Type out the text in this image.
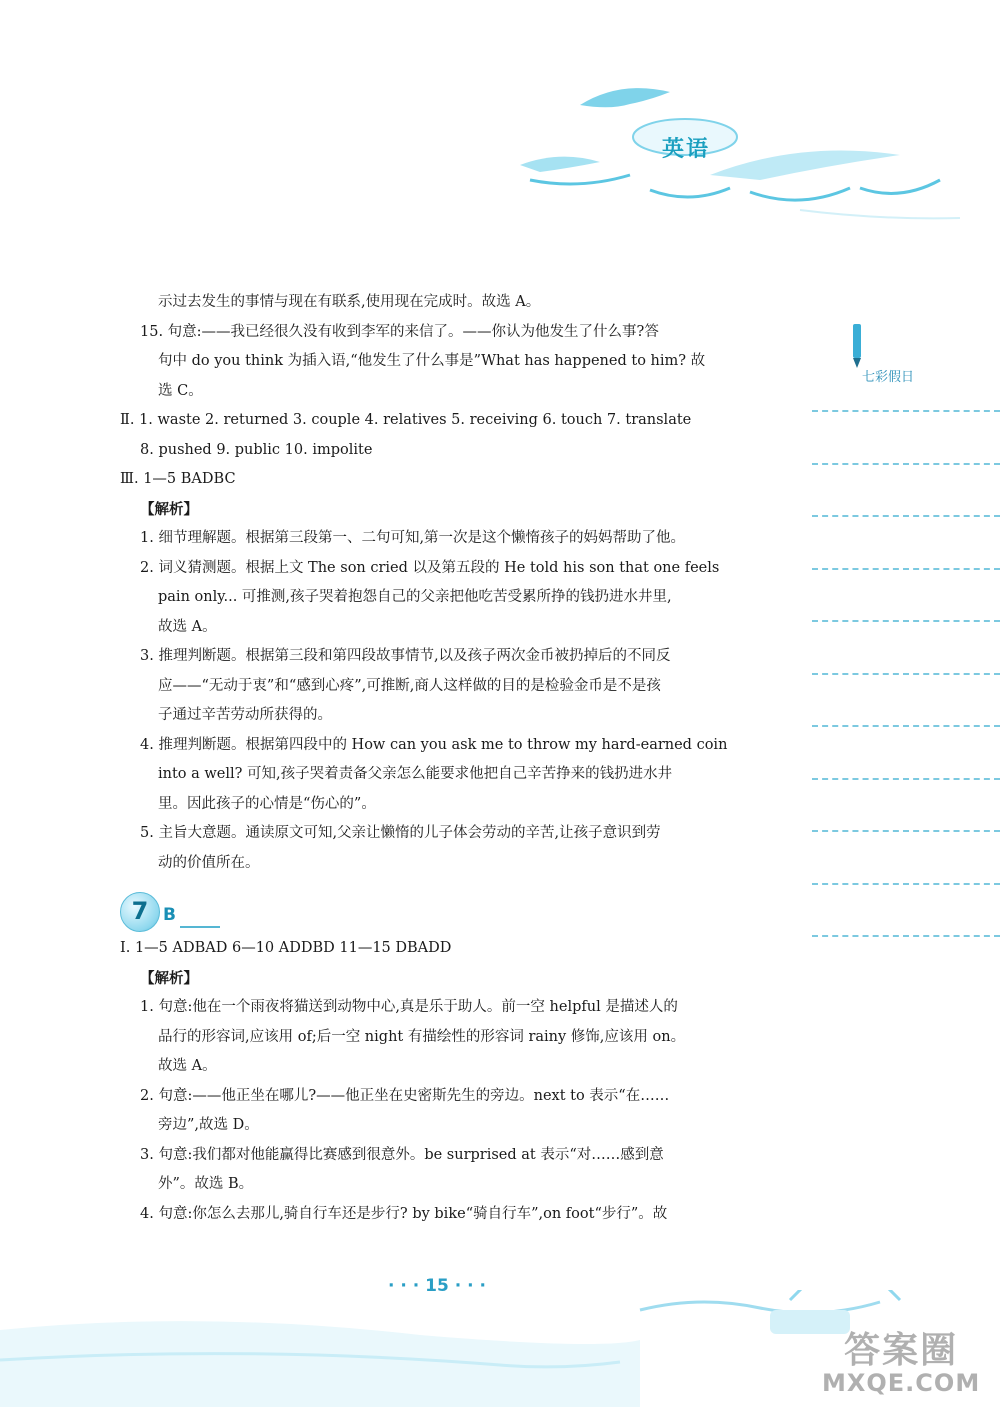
英语
七彩假日
示过去发生的事情与现在有联系,使用现在完成时。故选 A。
15. 句意:——我已经很久没有收到李军的来信了。——你认为他发生了什么事?答
句中 do you think 为插入语,“他发生了什么事是”What has happened to him? 故
选 C。
Ⅱ. 1. waste 2. returned 3. couple 4. relatives 5. receiving 6. touch 7. translate
8. pushed 9. public 10. impolite
Ⅲ. 1—5 BADBC
【解析】
1. 细节理解题。根据第三段第一、二句可知,第一次是这个懒惰孩子的妈妈帮助了他。
2. 词义猜测题。根据上文 The son cried 以及第五段的 He told his son that one feels
pain only... 可推测,孩子哭着抱怨自己的父亲把他吃苦受累所挣的钱扔进水井里,
故选 A。
3. 推理判断题。根据第三段和第四段故事情节,以及孩子两次金币被扔掉后的不同反
应——“无动于衷”和“感到心疼”,可推断,商人这样做的目的是检验金币是不是孩
子通过辛苦劳动所获得的。
4. 推理判断题。根据第四段中的 How can you ask me to throw my hard-earned coin
into a well? 可知,孩子哭着责备父亲怎么能要求他把自己辛苦挣来的钱扔进水井
里。因此孩子的心情是“伤心的”。
5. 主旨大意题。通读原文可知,父亲让懒惰的儿子体会劳动的辛苦,让孩子意识到劳
动的价值所在。
7 B
Ⅰ. 1—5 ADBAD 6—10 ADDBD 11—15 DBADD
【解析】
1. 句意:他在一个雨夜将猫送到动物中心,真是乐于助人。前一空 helpful 是描述人的
品行的形容词,应该用 of;后一空 night 有描绘性的形容词 rainy 修饰,应该用 on。
故选 A。
2. 句意:——他正坐在哪儿?——他正坐在史密斯先生的旁边。next to 表示“在……
旁边”,故选 D。
3. 句意:我们都对他能赢得比赛感到很意外。be surprised at 表示“对……感到意
外”。故选 B。
4. 句意:你怎么去那儿,骑自行车还是步行? by bike“骑自行车”,on foot“步行”。故
· · · 15 · · ·
答案圈
MXQE.COM
